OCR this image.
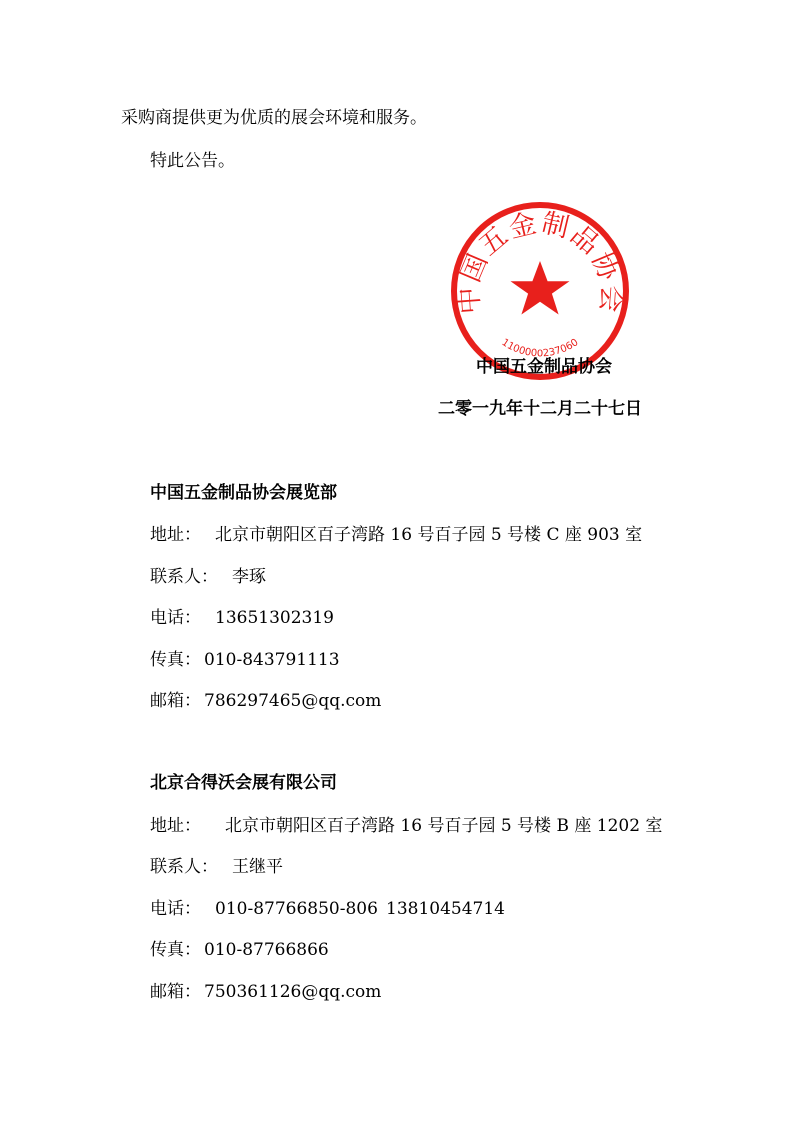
采购商提供更为优质的展会环境和服务。
特此公告。
中国五金制品协会
1100000237060
中国五金制品协会
二零一九年十二月二十七日
中国五金制品协会展览部
地址： 北京市朝阳区百子湾路 16 号百子园 5 号楼 C 座 903 室
联系人： 李琢
电话： 13651302319
传真： 010-843791113
邮箱： 786297465@qq.com
北京合得沃会展有限公司
地址： 北京市朝阳区百子湾路 16 号百子园 5 号楼 B 座 1202 室
联系人： 王继平
电话： 010-87766850-806 13810454714
传真： 010-87766866
邮箱： 750361126@qq.com
